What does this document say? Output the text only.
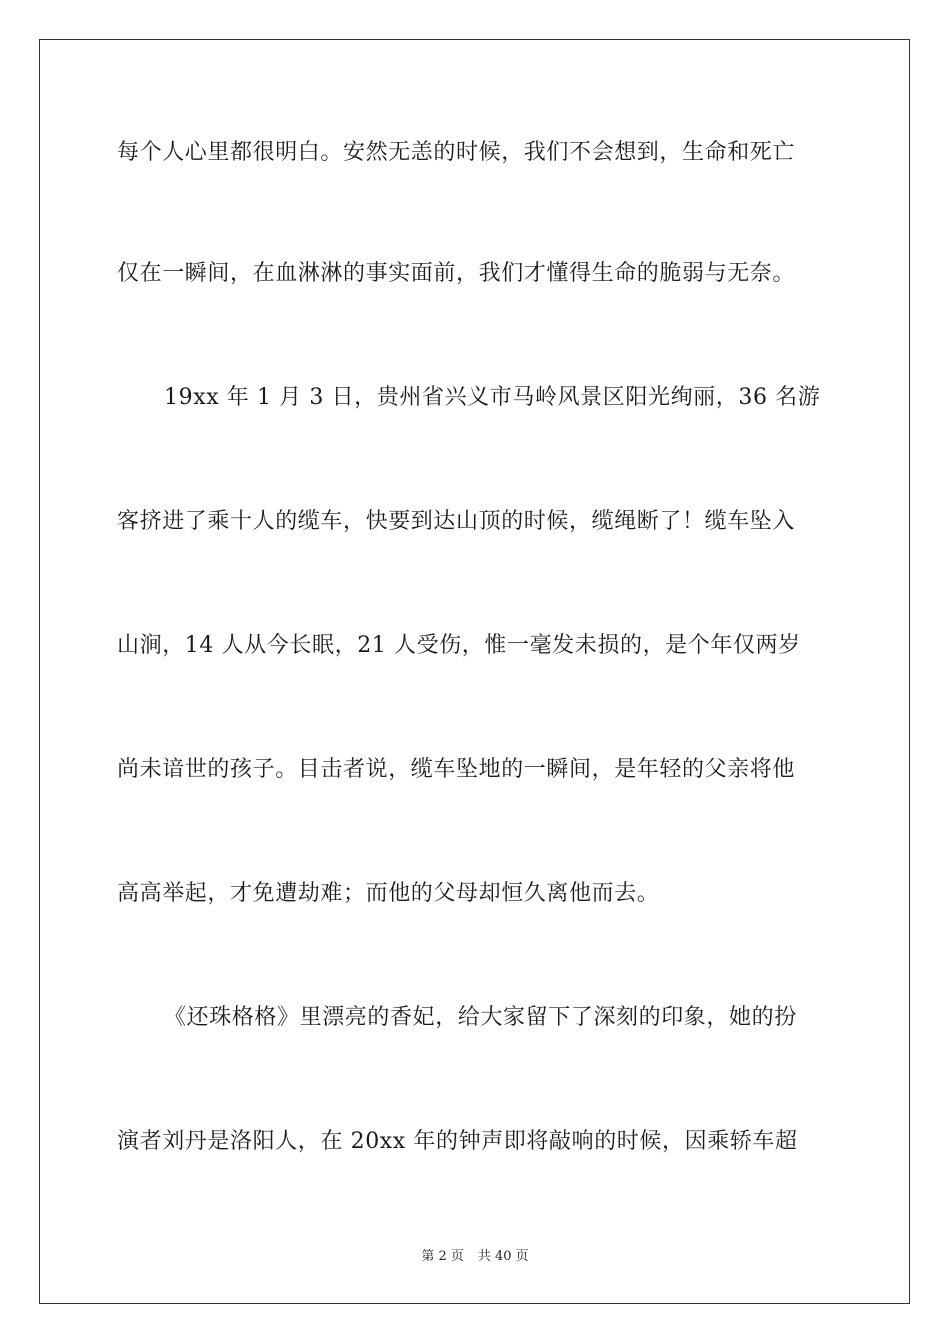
每个人心里都很明白。安然无恙的时候，我们不会想到，生命和死亡
仅在一瞬间，在血淋淋的事实面前，我们才懂得生命的脆弱与无奈。
19xx 年 1 月 3 日，贵州省兴义市马岭风景区阳光绚丽，36 名游
客挤进了乘十人的缆车，快要到达山顶的时候，缆绳断了！缆车坠入
山涧，14 人从今长眠，21 人受伤，惟一毫发未损的，是个年仅两岁
尚未谙世的孩子。目击者说，缆车坠地的一瞬间，是年轻的父亲将他
高高举起，才免遭劫难；而他的父母却恒久离他而去。
《还珠格格》里漂亮的香妃，给大家留下了深刻的印象，她的扮
演者刘丹是洛阳人，在 20xx 年的钟声即将敲响的时候，因乘轿车超
第 2 页 共 40 页
